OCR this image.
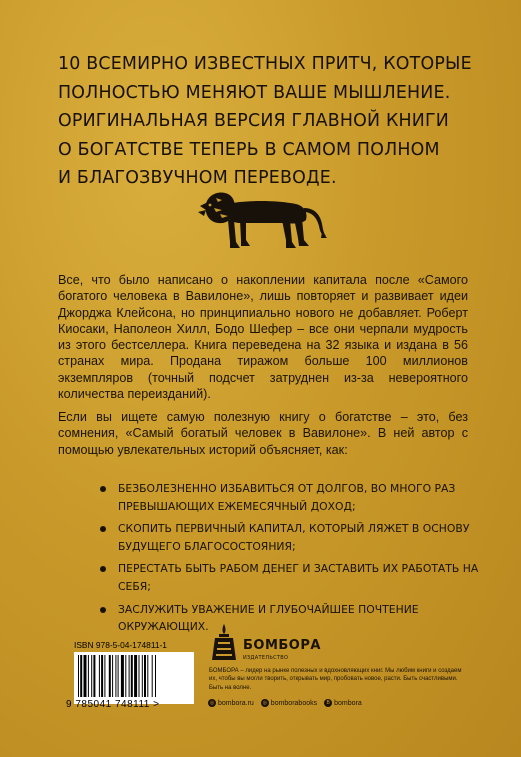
10 ВСЕМИРНО ИЗВЕСТНЫХ ПРИТЧ, КОТОРЫЕ
ПОЛНОСТЬЮ МЕНЯЮТ ВАШЕ МЫШЛЕНИЕ.
ОРИГИНАЛЬНАЯ ВЕРСИЯ ГЛАВНОЙ КНИГИ
О БОГАТСТВЕ ТЕПЕРЬ В САМОМ ПОЛНОМ
И БЛАГОЗВУЧНОМ ПЕРЕВОДЕ.
Все, что было написано о накоплении капитала после «Самого богатого человека в Вавилоне», лишь повторяет и развивает идеи Джорджа Клейсона, но принципиально нового не добавляет. Роберт Киосаки, Наполеон Хилл, Бодо Шефер – все они черпали мудрость из этого бестселлера. Книга переведена на 32 языка и издана в 56 странах мира. Продана тиражом больше 100 миллионов экземпляров (точный подсчет затруднен из-за невероятного количества переизданий).
Если вы ищете самую полезную книгу о богатстве – это, без сомнения, «Самый богатый человек в Вавилоне». В ней автор с помощью увлекательных историй объясняет, как:
БЕЗБОЛЕЗНЕННО ИЗБАВИТЬСЯ ОТ ДОЛГОВ, ВО МНОГО РАЗ ПРЕВЫШАЮЩИХ ЕЖЕМЕСЯЧНЫЙ ДОХОД;
СКОПИТЬ ПЕРВИЧНЫЙ КАПИТАЛ, КОТОРЫЙ ЛЯЖЕТ В ОСНОВУ БУДУЩЕГО БЛАГОСОСТОЯНИЯ;
ПЕРЕСТАТЬ БЫТЬ РАБОМ ДЕНЕГ И ЗАСТАВИТЬ ИХ РАБОТАТЬ НА СЕБЯ;
ЗАСЛУЖИТЬ УВАЖЕНИЕ И ГЛУБОЧАЙШЕЕ ПОЧТЕНИЕ ОКРУЖАЮЩИХ.
ISBN 978-5-04-174811-1
9 785041 748111 >
БОМБОРА
ИЗДАТЕЛЬСТВО
БОМБОРА – лидер на рынке полезных и вдохновляющих книг. Мы любим книги и создаем их, чтобы вы могли творить, открывать мир, пробовать новое, расти. Быть счастливыми. Быть на волне.
◎ bomborа.ru	◎ bomborabooks	В bombora
